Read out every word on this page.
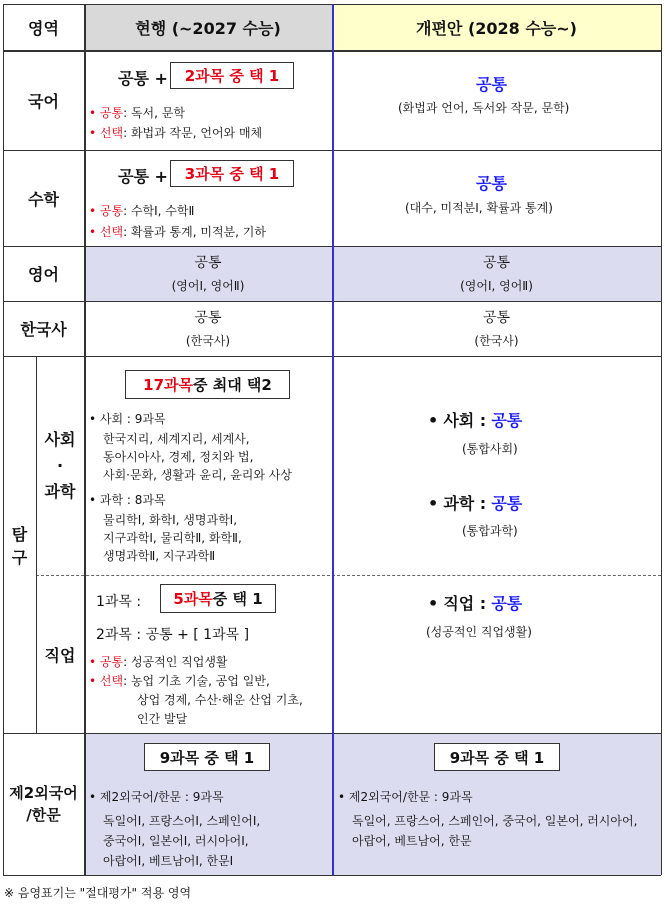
영역	현행 (~2027 수능)	개편안 (2028 수능~)
국어
공통 + 2과목 중 택 1
• 공통: 독서, 문학
• 선택: 화법과 작문, 언어와 매체
공통
(화법과 언어, 독서와 작문, 문학)
수학
공통 + 3과목 중 택 1
• 공통: 수학Ⅰ, 수학Ⅱ
• 선택: 확률과 통계, 미적분, 기하
공통
(대수, 미적분Ⅰ, 확률과 통계)
영어
공통
(영어Ⅰ, 영어Ⅱ)
공통
(영어Ⅰ, 영어Ⅱ)
한국사
공통
(한국사)
공통
(한국사)
탐
구
사회
·
과학
17과목 중 최대 택2
• 사회 : 9과목
한국지리, 세계지리, 세계사,
동아시아사, 경제, 정치와 법,
사회·문화, 생활과 윤리, 윤리와 사상
• 과학 : 8과목
물리학Ⅰ, 화학Ⅰ, 생명과학Ⅰ,
지구과학Ⅰ, 물리학Ⅱ, 화학Ⅱ,
생명과학Ⅱ, 지구과학Ⅱ
• 사회 : 공통
(통합사회)
• 과학 : 공통
(통합과학)
직업
1과목 : 5과목 중 택 1
2과목 : 공통 + [ 1과목 ]
• 공통: 성공적인 직업생활
• 선택: 농업 기초 기술, 공업 일반,
상업 경제, 수산·해운 산업 기초,
인간 발달
• 직업 : 공통
(성공적인 직업생활)
제2외국어
/한문
9과목 중 택 1
• 제2외국어/한문 : 9과목
독일어Ⅰ, 프랑스어Ⅰ, 스페인어Ⅰ,
중국어Ⅰ, 일본어Ⅰ, 러시아어Ⅰ,
아랍어Ⅰ, 베트남어Ⅰ, 한문Ⅰ
9과목 중 택 1
• 제2외국어/한문 : 9과목
독일어, 프랑스어, 스페인어, 중국어, 일본어, 러시아어,
아랍어, 베트남어, 한문
※ 음영표기는 "절대평가" 적용 영역
